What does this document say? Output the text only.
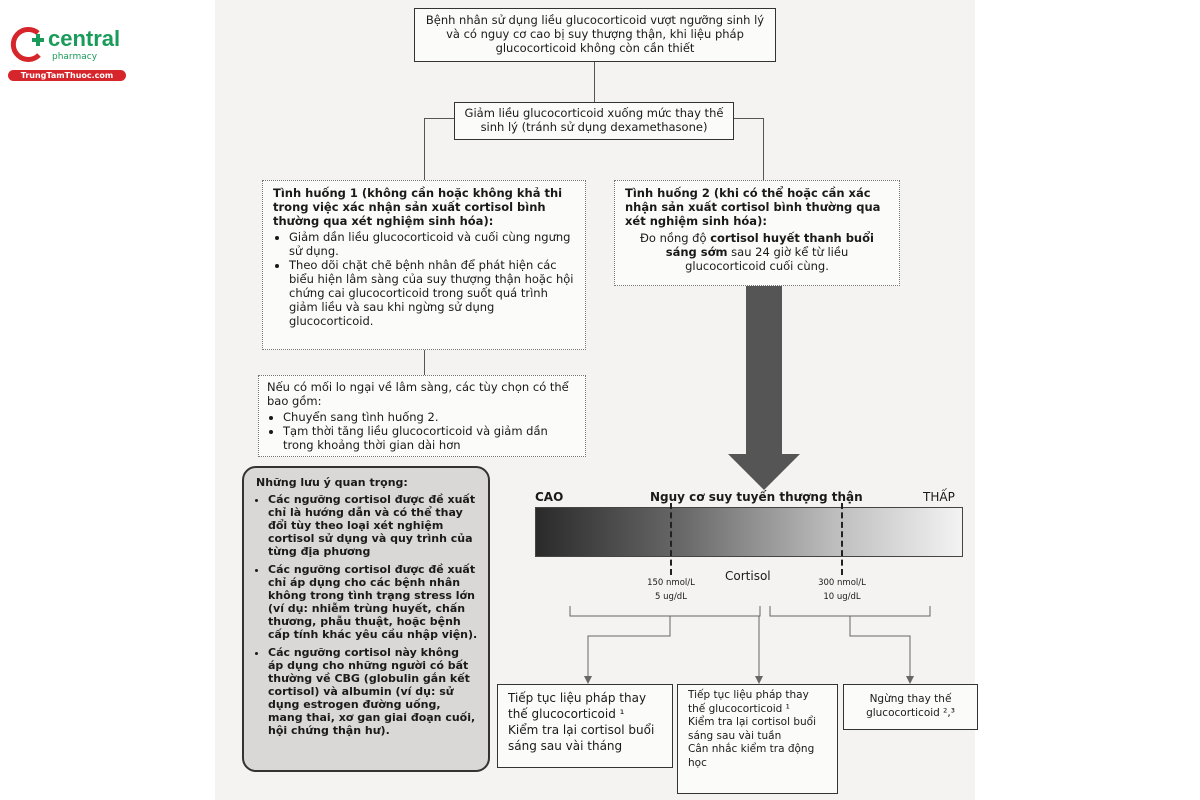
central
pharmacy
TrungTamThuoc.com
Bệnh nhân sử dụng liều glucocorticoid vượt ngưỡng sinh lý và có nguy cơ cao bị suy thượng thận, khi liệu pháp glucocorticoid không còn cần thiết
Giảm liều glucocorticoid xuống mức thay thế sinh lý (tránh sử dụng dexamethasone)
Tình huống 1 (không cần hoặc không khả thi trong việc xác nhận sản xuất cortisol bình thường qua xét nghiệm sinh hóa):
• Giảm dần liều glucocorticoid và cuối cùng ngưng sử dụng.
• Theo dõi chặt chẽ bệnh nhân để phát hiện các biểu hiện lâm sàng của suy thượng thận hoặc hội chứng cai glucocorticoid trong suốt quá trình giảm liều và sau khi ngừng sử dụng glucocorticoid.
Tình huống 2 (khi có thể hoặc cần xác nhận sản xuất cortisol bình thường qua xét nghiệm sinh hóa):
Đo nồng độ cortisol huyết thanh buổi sáng sớm sau 24 giờ kể từ liều glucocorticoid cuối cùng.
Nếu có mối lo ngại về lâm sàng, các tùy chọn có thể bao gồm:
• Chuyển sang tình huống 2.
• Tạm thời tăng liều glucocorticoid và giảm dần trong khoảng thời gian dài hơn
Những lưu ý quan trọng:
• Các ngưỡng cortisol được đề xuất chỉ là hướng dẫn và có thể thay đổi tùy theo loại xét nghiệm cortisol sử dụng và quy trình của từng địa phương
• Các ngưỡng cortisol được đề xuất chỉ áp dụng cho các bệnh nhân không trong tình trạng stress lớn (ví dụ: nhiễm trùng huyết, chấn thương, phẫu thuật, hoặc bệnh cấp tính khác yêu cầu nhập viện).
• Các ngưỡng cortisol này không áp dụng cho những người có bất thường về CBG (globulin gắn kết cortisol) và albumin (ví dụ: sử dụng estrogen đường uống, mang thai, xơ gan giai đoạn cuối, hội chứng thận hư).
CAO	Nguy cơ suy tuyến thượng thận	THẤP
Cortisol
150 nmol/L
5 ug/dL
300 nmol/L
10 ug/dL
Tiếp tục liệu pháp thay thế glucocorticoid ¹
Kiểm tra lại cortisol buổi sáng sau vài tháng
Tiếp tục liệu pháp thay thế glucocorticoid ¹
Kiểm tra lại cortisol buổi sáng sau vài tuần
Cân nhắc kiểm tra động học
Ngừng thay thế glucocorticoid ²,³
